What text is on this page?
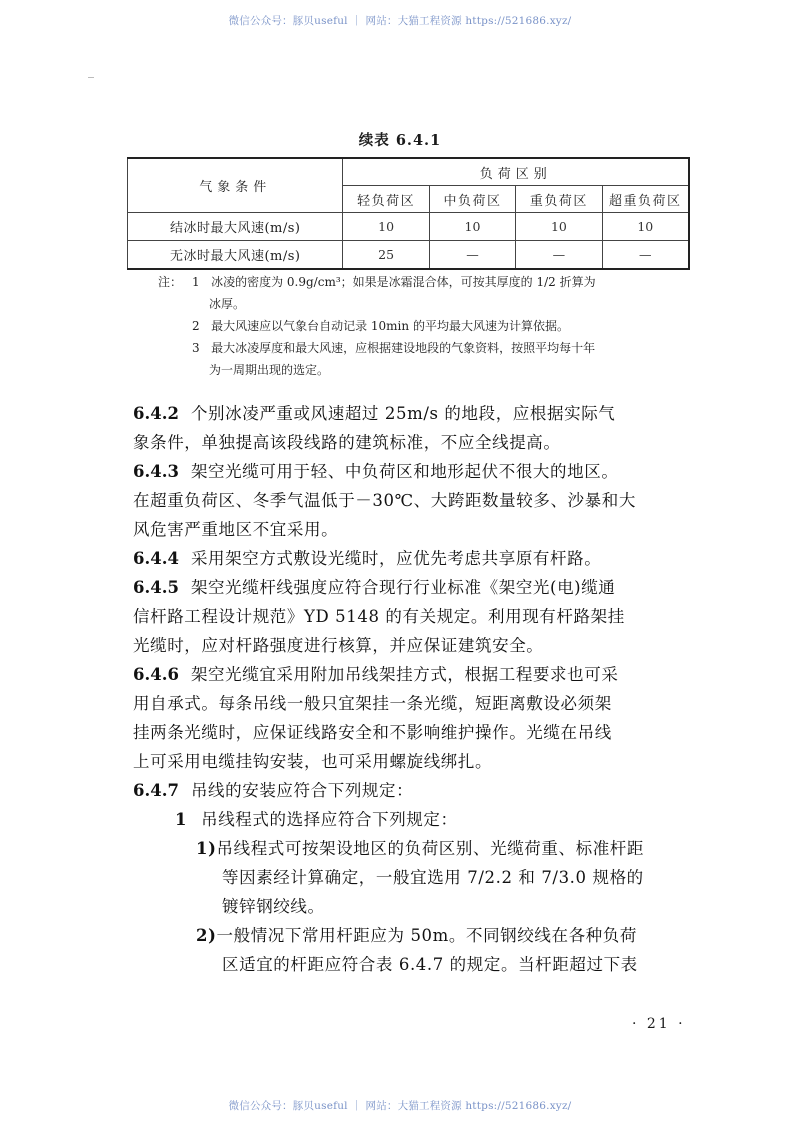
微信公众号：豚贝useful ｜ 网站：大猫工程资源 https://521686.xyz/
续表 6.4.1
气象条件	负荷区别			
	轻负荷区	中负荷区	重负荷区	超重负荷区
结冰时最大风速(m/s)	10	10	10	10
无冰时最大风速(m/s)	25	—	—	—
注： 1 冰凌的密度为 0.9g/cm³；如果是冰霜混合体，可按其厚度的 1/2 折算为
冰厚。
2 最大风速应以气象台自动记录 10min 的平均最大风速为计算依据。
3 最大冰凌厚度和最大风速，应根据建设地段的气象资料，按照平均每十年
为一周期出现的选定。
6.4.2 个别冰凌严重或风速超过 25m/s 的地段，应根据实际气
象条件，单独提高该段线路的建筑标准，不应全线提高。
6.4.3 架空光缆可用于轻、中负荷区和地形起伏不很大的地区。
在超重负荷区、冬季气温低于－30℃、大跨距数量较多、沙暴和大
风危害严重地区不宜采用。
6.4.4 采用架空方式敷设光缆时，应优先考虑共享原有杆路。
6.4.5 架空光缆杆线强度应符合现行行业标准《架空光(电)缆通
信杆路工程设计规范》YD 5148 的有关规定。利用现有杆路架挂
光缆时，应对杆路强度进行核算，并应保证建筑安全。
6.4.6 架空光缆宜采用附加吊线架挂方式，根据工程要求也可采
用自承式。每条吊线一般只宜架挂一条光缆，短距离敷设必须架
挂两条光缆时，应保证线路安全和不影响维护操作。光缆在吊线
上可采用电缆挂钩安装，也可采用螺旋线绑扎。
6.4.7 吊线的安装应符合下列规定：
1 吊线程式的选择应符合下列规定：
1)吊线程式可按架设地区的负荷区别、光缆荷重、标准杆距
等因素经计算确定，一般宜选用 7/2.2 和 7/3.0 规格的
镀锌钢绞线。
2)一般情况下常用杆距应为 50m。不同钢绞线在各种负荷
区适宜的杆距应符合表 6.4.7 的规定。当杆距超过下表
· 21 ·
微信公众号：豚贝useful ｜ 网站：大猫工程资源 https://521686.xyz/
